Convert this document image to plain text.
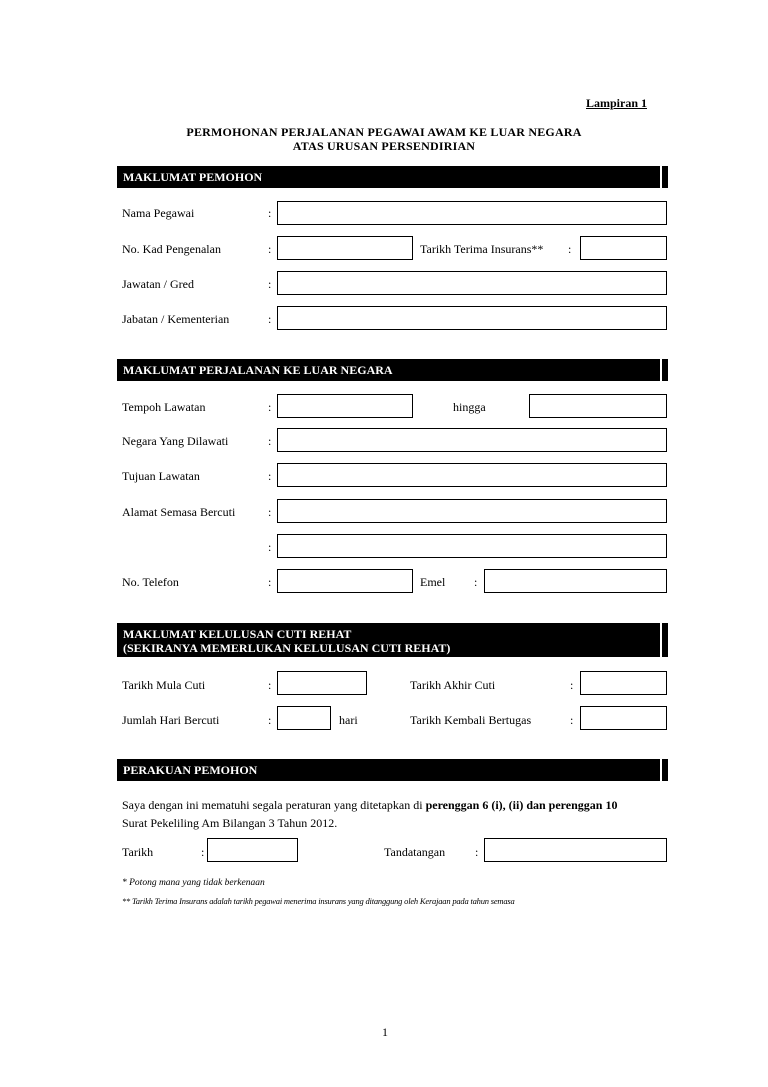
Lampiran 1
PERMOHONAN PERJALANAN PEGAWAI AWAM KE LUAR NEGARA
ATAS URUSAN PERSENDIRIAN
MAKLUMAT PEMOHON
Nama Pegawai	:
No. Kad Pengenalan	:	Tarikh Terima Insurans** :
Jawatan / Gred	:
Jabatan / Kementerian	:
MAKLUMAT PERJALANAN KE LUAR NEGARA
Tempoh Lawatan	:	hingga
Negara Yang Dilawati	:
Tujuan Lawatan	:
Alamat Semasa Bercuti	:
:
No. Telefon	:	Emel :
MAKLUMAT KELULUSAN CUTI REHAT
(SEKIRANYA MEMERLUKAN KELULUSAN CUTI REHAT)
Tarikh Mula Cuti	:	Tarikh Akhir Cuti	:
Jumlah Hari Bercuti	:	hari	Tarikh Kembali Bertugas	:
PERAKUAN PEMOHON
Saya dengan ini mematuhi segala peraturan yang ditetapkan di perenggan 6 (i), (ii) dan perenggan 10
Surat Pekeliling Am Bilangan 3 Tahun 2012.
Tarikh	:	Tandatangan :
* Potong mana yang tidak berkenaan
** Tarikh Terima Insurans adalah tarikh pegawai menerima insurans yang ditanggung oleh Kerajaan pada tahun semasa
1
